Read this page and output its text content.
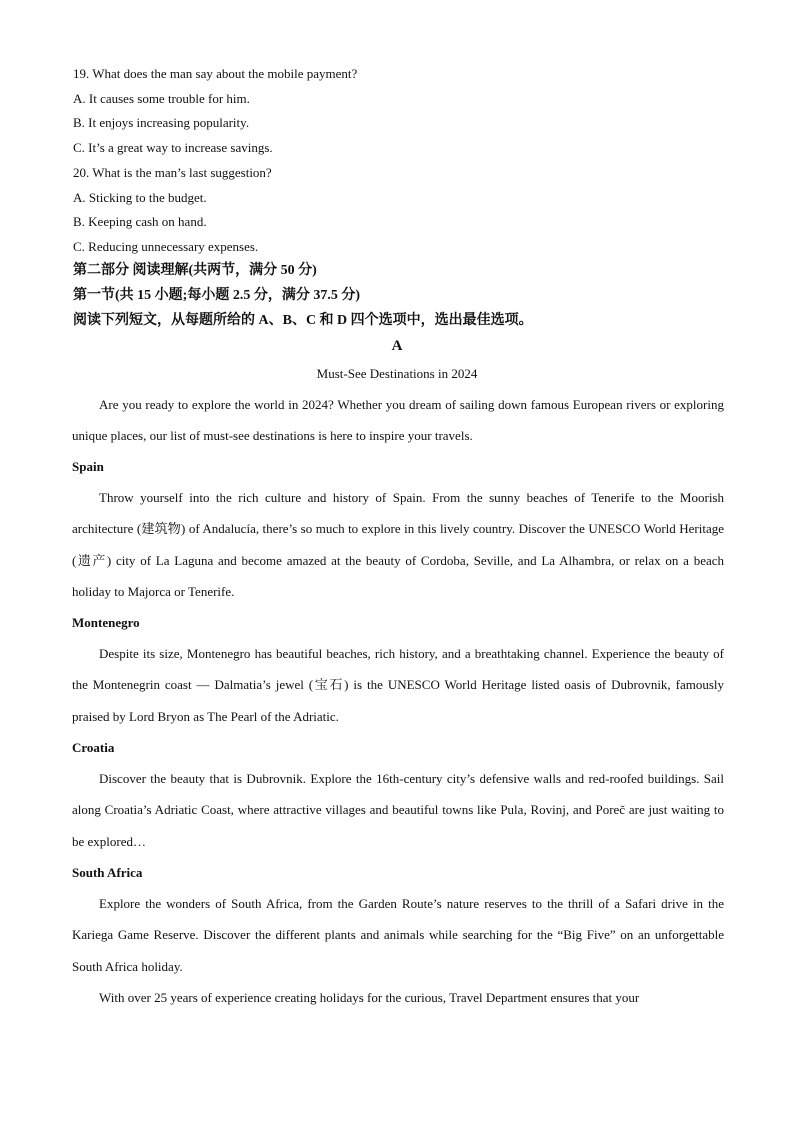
19. What does the man say about the mobile payment?
A. It causes some trouble for him.
B. It enjoys increasing popularity.
C. It’s a great way to increase savings.
20. What is the man’s last suggestion?
A. Sticking to the budget.
B. Keeping cash on hand.
C. Reducing unnecessary expenses.
第二部分 阅读理解(共两节，满分 50 分)
第一节(共 15 小题;每小题 2.5 分，满分 37.5 分)
阅读下列短文，从每题所给的 A、B、C 和 D 四个选项中，选出最佳选项。
A
Must-See Destinations in 2024
Are you ready to explore the world in 2024? Whether you dream of sailing down famous European rivers or exploring unique places, our list of must-see destinations is here to inspire your travels.
Spain
Throw yourself into the rich culture and history of Spain. From the sunny beaches of Tenerife to the Moorish architecture (建筑物) of Andalucía, there’s so much to explore in this lively country. Discover the UNESCO World Heritage (遗产) city of La Laguna and become amazed at the beauty of Cordoba, Seville, and La Alhambra, or relax on a beach holiday to Majorca or Tenerife.
Montenegro
Despite its size, Montenegro has beautiful beaches, rich history, and a breathtaking channel. Experience the beauty of the Montenegrin coast — Dalmatia’s jewel (宝石) is the UNESCO World Heritage listed oasis of Dubrovnik, famously praised by Lord Bryon as The Pearl of the Adriatic.
Croatia
Discover the beauty that is Dubrovnik. Explore the 16th-century city’s defensive walls and red-roofed buildings. Sail along Croatia’s Adriatic Coast, where attractive villages and beautiful towns like Pula, Rovinj, and Poreč are just waiting to be explored…
South Africa
Explore the wonders of South Africa, from the Garden Route’s nature reserves to the thrill of a Safari drive in the Kariega Game Reserve. Discover the different plants and animals while searching for the “Big Five” on an unforgettable South Africa holiday.
With over 25 years of experience creating holidays for the curious, Travel Department ensures that your
